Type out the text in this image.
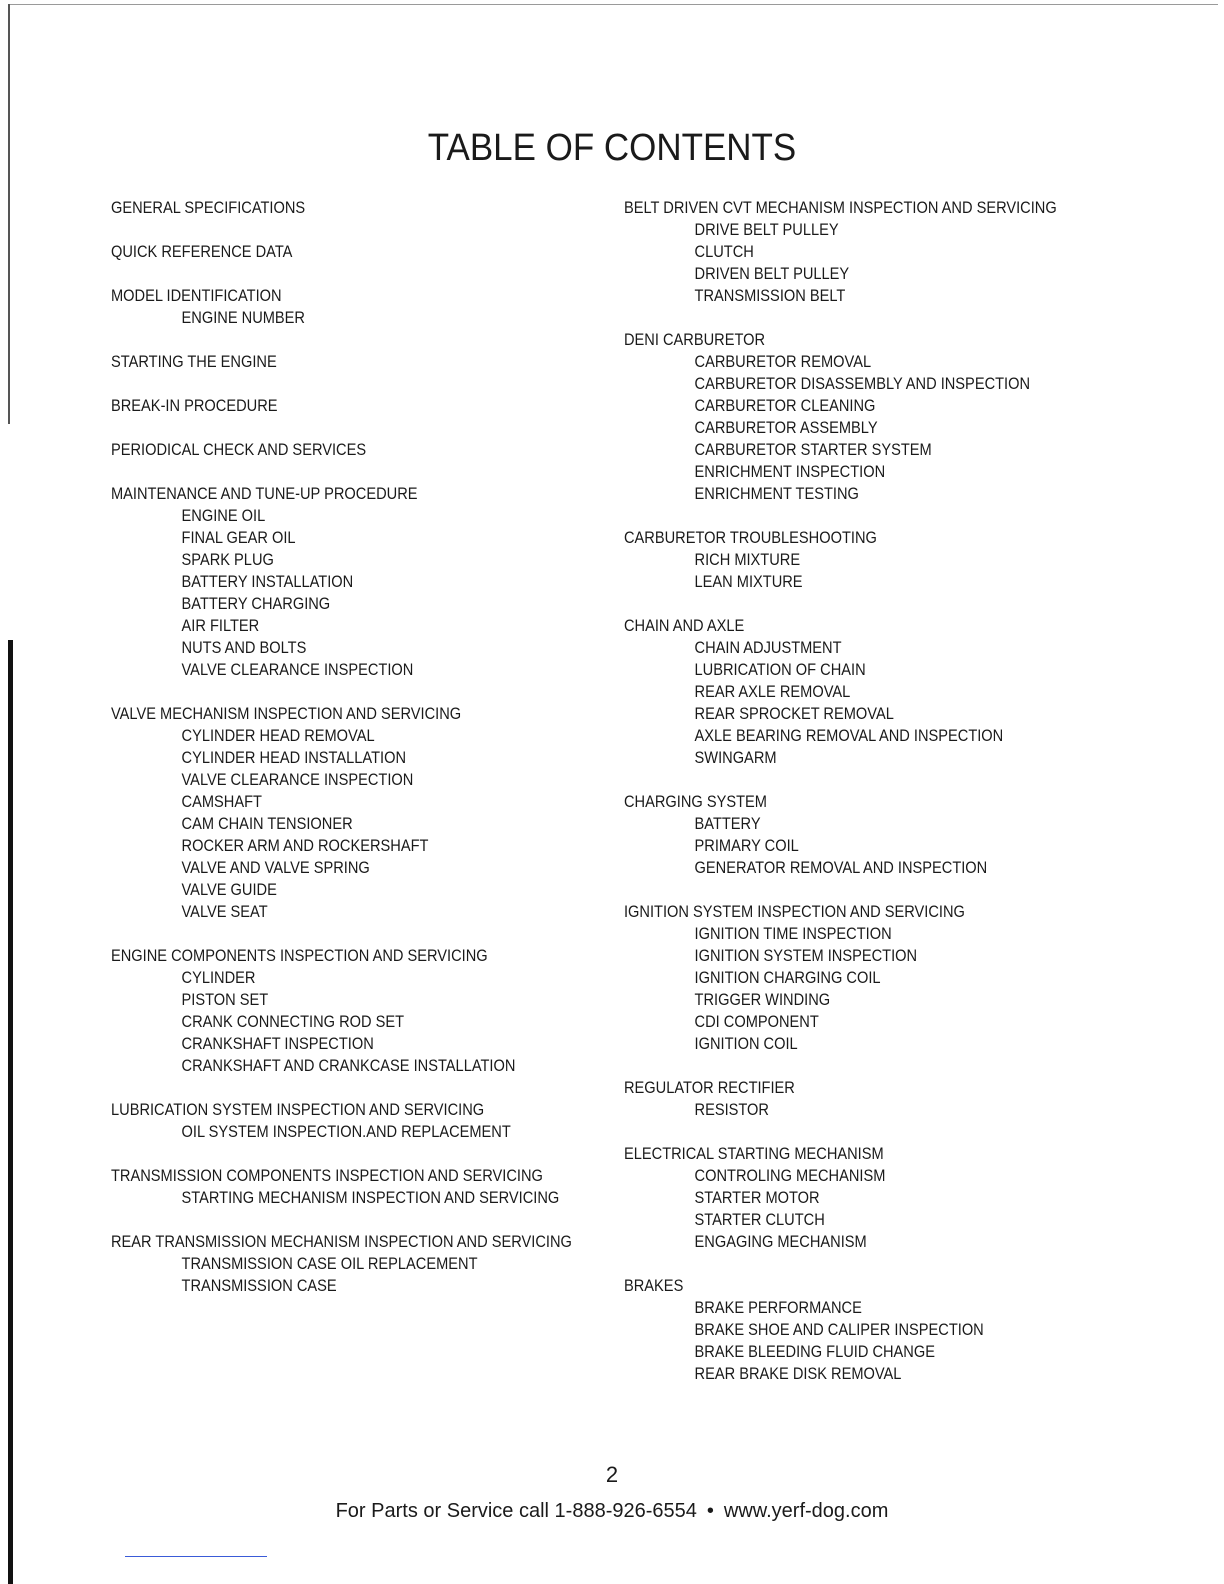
TABLE OF CONTENTS
GENERAL SPECIFICATIONS
QUICK REFERENCE DATA
MODEL IDENTIFICATION
ENGINE NUMBER
STARTING THE ENGINE
BREAK-IN PROCEDURE
PERIODICAL CHECK AND SERVICES
MAINTENANCE AND TUNE-UP PROCEDURE
ENGINE OIL
FINAL GEAR OIL
SPARK PLUG
BATTERY INSTALLATION
BATTERY CHARGING
AIR FILTER
NUTS AND BOLTS
VALVE CLEARANCE INSPECTION
VALVE MECHANISM INSPECTION AND SERVICING
CYLINDER HEAD REMOVAL
CYLINDER HEAD INSTALLATION
VALVE CLEARANCE INSPECTION
CAMSHAFT
CAM CHAIN TENSIONER
ROCKER ARM AND ROCKERSHAFT
VALVE AND VALVE SPRING
VALVE GUIDE
VALVE SEAT
ENGINE COMPONENTS INSPECTION AND SERVICING
CYLINDER
PISTON SET
CRANK CONNECTING ROD SET
CRANKSHAFT INSPECTION
CRANKSHAFT AND CRANKCASE INSTALLATION
LUBRICATION SYSTEM INSPECTION AND SERVICING
OIL SYSTEM INSPECTION.AND REPLACEMENT
TRANSMISSION COMPONENTS INSPECTION AND SERVICING
STARTING MECHANISM INSPECTION AND SERVICING
REAR TRANSMISSION MECHANISM INSPECTION AND SERVICING
TRANSMISSION CASE OIL REPLACEMENT
TRANSMISSION CASE
BELT DRIVEN CVT MECHANISM INSPECTION AND SERVICING
DRIVE BELT PULLEY
CLUTCH
DRIVEN BELT PULLEY
TRANSMISSION BELT
DENI CARBURETOR
CARBURETOR REMOVAL
CARBURETOR DISASSEMBLY AND INSPECTION
CARBURETOR CLEANING
CARBURETOR ASSEMBLY
CARBURETOR STARTER SYSTEM
ENRICHMENT INSPECTION
ENRICHMENT TESTING
CARBURETOR TROUBLESHOOTING
RICH MIXTURE
LEAN MIXTURE
CHAIN AND AXLE
CHAIN ADJUSTMENT
LUBRICATION OF CHAIN
REAR AXLE REMOVAL
REAR SPROCKET REMOVAL
AXLE BEARING REMOVAL AND INSPECTION
SWINGARM
CHARGING SYSTEM
BATTERY
PRIMARY COIL
GENERATOR REMOVAL AND INSPECTION
IGNITION SYSTEM INSPECTION AND SERVICING
IGNITION TIME INSPECTION
IGNITION SYSTEM INSPECTION
IGNITION CHARGING COIL
TRIGGER WINDING
CDI COMPONENT
IGNITION COIL
REGULATOR RECTIFIER
RESISTOR
ELECTRICAL STARTING MECHANISM
CONTROLING MECHANISM
STARTER MOTOR
STARTER CLUTCH
ENGAGING MECHANISM
BRAKES
BRAKE PERFORMANCE
BRAKE SHOE AND CALIPER INSPECTION
BRAKE BLEEDING FLUID CHANGE
REAR BRAKE DISK REMOVAL
2
For Parts or Service call 1-888-926-6554 • www.yerf-dog.com
